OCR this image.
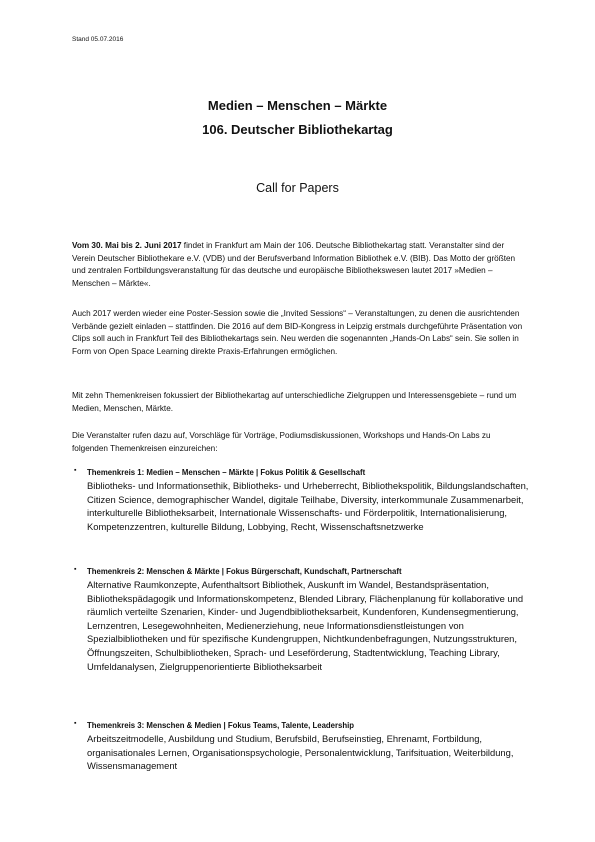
Stand 05.07.2016
Medien – Menschen – Märkte
106. Deutscher Bibliothekartag
Call for Papers

Vom 30. Mai bis 2. Juni 2017 findet in Frankfurt am Main der 106. Deutsche Bibliothekartag statt. Veranstalter sind der Verein Deutscher Bibliothekare e.V. (VDB) und der Berufsverband Information Bibliothek e.V. (BIB). Das Motto der größten und zentralen Fortbildungsveranstaltung für das deutsche und europäische Bibliothekswesen lautet 2017 »Medien – Menschen – Märkte«.

Auch 2017 werden wieder eine Poster-Session sowie die „Invited Sessions“ – Veranstaltungen, zu denen die ausrichtenden Verbände gezielt einladen – stattfinden. Die 2016 auf dem BID-Kongress in Leipzig erstmals durchgeführte Präsentation von Clips soll auch in Frankfurt Teil des Bibliothekartags sein. Neu werden die sogenannten „Hands-On Labs“ sein. Sie sollen in Form von Open Space Learning direkte Praxis-Erfahrungen ermöglichen.

Mit zehn Themenkreisen fokussiert der Bibliothekartag auf unterschiedliche Zielgruppen und Interessensgebiete – rund um Medien, Menschen, Märkte.

Die Veranstalter rufen dazu auf, Vorschläge für Vorträge, Podiumsdiskussionen, Workshops und Hands-On Labs zu folgenden Themenkreisen einzureichen:

▪ Themenkreis 1: Medien – Menschen – Märkte | Fokus Politik & Gesellschaft
Bibliotheks- und Informationsethik, Bibliotheks- und Urheberrecht, Bibliothekspolitik, Bildungslandschaften, Citizen Science, demographischer Wandel, digitale Teilhabe, Diversity, interkommunale Zusammenarbeit, interkulturelle Bibliotheksarbeit, Internationale Wissenschafts- und Förderpolitik, Internationalisierung, Kompetenzzentren, kulturelle Bildung, Lobbying, Recht, Wissenschaftsnetzwerke
▪ Themenkreis 2: Menschen & Märkte | Fokus Bürgerschaft, Kundschaft, Partnerschaft
Alternative Raumkonzepte, Aufenthaltsort Bibliothek, Auskunft im Wandel, Bestandspräsentation, Bibliothekspädagogik und Informationskompetenz, Blended Library, Flächenplanung für kollaborative und räumlich verteilte Szenarien, Kinder- und Jugendbibliotheksarbeit, Kundenforen, Kundensegmentierung, Lernzentren, Lesegewohnheiten, Medienerziehung, neue Informationsdienstleistungen von Spezialbibliotheken und für spezifische Kundengruppen, Nichtkundenbefragungen, Nutzungsstrukturen, Öffnungszeiten, Schulbibliotheken, Sprach- und Leseförderung, Stadtentwicklung, Teaching Library, Umfeldanalysen, Zielgruppenorientierte Bibliotheksarbeit
▪ Themenkreis 3: Menschen & Medien | Fokus Teams, Talente, Leadership
Arbeitszeitmodelle, Ausbildung und Studium, Berufsbild, Berufseinstieg, Ehrenamt, Fortbildung, organisationales Lernen, Organisationspsychologie, Personalentwicklung, Tarifsituation, Weiterbildung, Wissensmanagement
